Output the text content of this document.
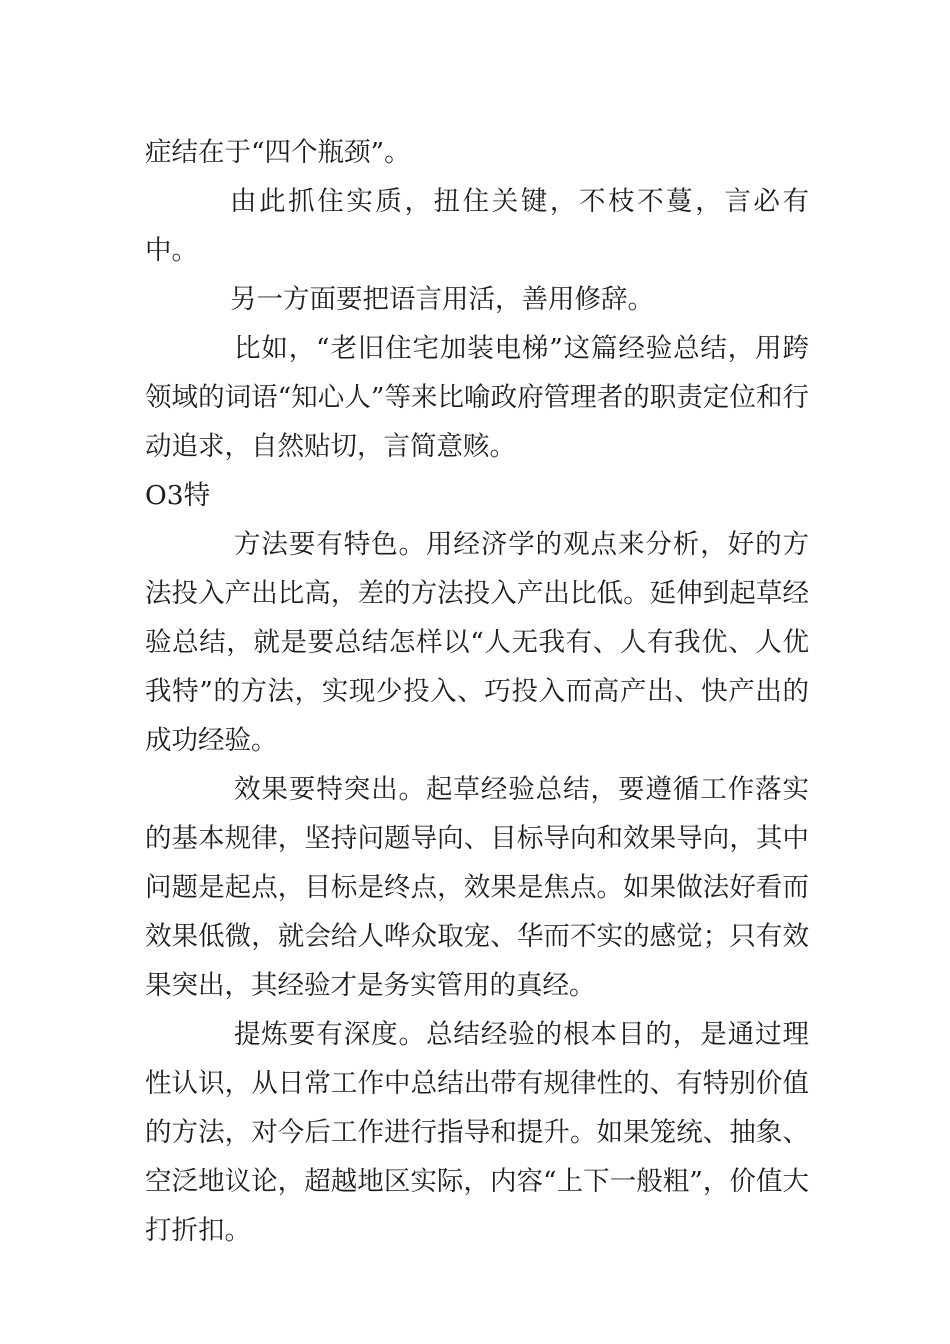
症结在于“四个瓶颈”。

由此抓住实质，扭住关键，不枝不蔓，言必有中。

另一方面要把语言用活，善用修辞。

比如，“老旧住宅加装电梯”这篇经验总结，用跨领域的词语“知心人”等来比喻政府管理者的职责定位和行动追求，自然贴切，言简意赅。

O3特

方法要有特色。用经济学的观点来分析，好的方法投入产出比高，差的方法投入产出比低。延伸到起草经验总结，就是要总结怎样以“人无我有、人有我优、人优我特”的方法，实现少投入、巧投入而高产出、快产出的成功经验。

效果要特突出。起草经验总结，要遵循工作落实的基本规律，坚持问题导向、目标导向和效果导向，其中问题是起点，目标是终点，效果是焦点。如果做法好看而效果低微，就会给人哗众取宠、华而不实的感觉；只有效果突出，其经验才是务实管用的真经。

提炼要有深度。总结经验的根本目的，是通过理性认识，从日常工作中总结出带有规律性的、有特别价值的方法，对今后工作进行指导和提升。如果笼统、抽象、空泛地议论，超越地区实际，内容“上下一般粗”，价值大打折扣。
